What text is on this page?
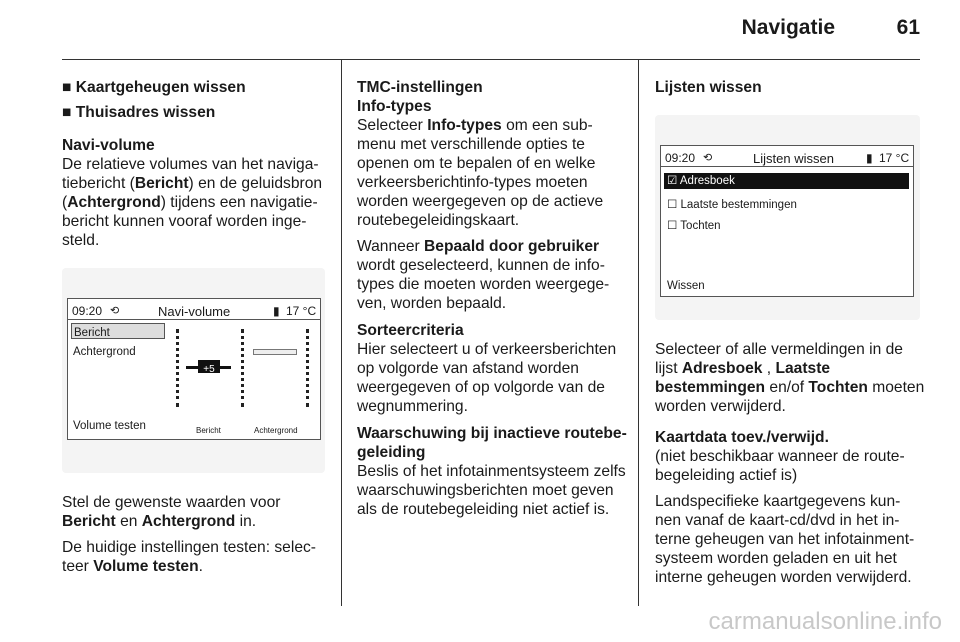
Navigatie	61

■ Kaartgeheugen wissen

■ Thuisadres wissen

Navi-volume

De relatieve volumes van het naviga-tiebericht (Bericht) en de geluidsbron (Achtergrond) tijdens een navigatie-bericht kunnen vooraf worden inge-steld.

09:20 ⟲	Navi-volume	▮ 17 °C
Bericht
Achtergrond
Volume testen
+5
Bericht	Achtergrond

Stel de gewenste waarden voor Bericht en Achtergrond in.

De huidige instellingen testen: selec-teer Volume testen.

TMC-instellingen
Info-types

Selecteer Info-types om een sub-menu met verschillende opties te openen om te bepalen of en welke verkeersberichtinfo-types moeten worden weergegeven op de actieve routebegeleidingskaart.

Wanneer Bepaald door gebruiker wordt geselecteerd, kunnen de info-types die moeten worden weergege-ven, worden bepaald.

Sorteercriteria

Hier selecteert u of verkeersberichten op volgorde van afstand worden weergegeven of op volgorde van de wegnummering.

Waarschuwing bij inactieve routebe-geleiding

Beslis of het infotainmentsysteem zelfs waarschuwingsberichten moet geven als de routebegeleiding niet actief is.

Lijsten wissen
09:20 ⟲	Lijsten wissen	▮ 17 °C
☑ Adresboek
☐ Laatste bestemmingen
☐ Tochten
Wissen

Selecteer of alle vermeldingen in de lijst Adresboek , Laatste bestemmingen en/of Tochten moeten worden verwijderd.

Kaartdata toev./verwijd.

(niet beschikbaar wanneer de route-begeleiding actief is)

Landspecifieke kaartgegevens kun-nen vanaf de kaart-cd/dvd in het in-terne geheugen van het infotainment-systeem worden geladen en uit het interne geheugen worden verwijderd.

carmanualsonline.info
